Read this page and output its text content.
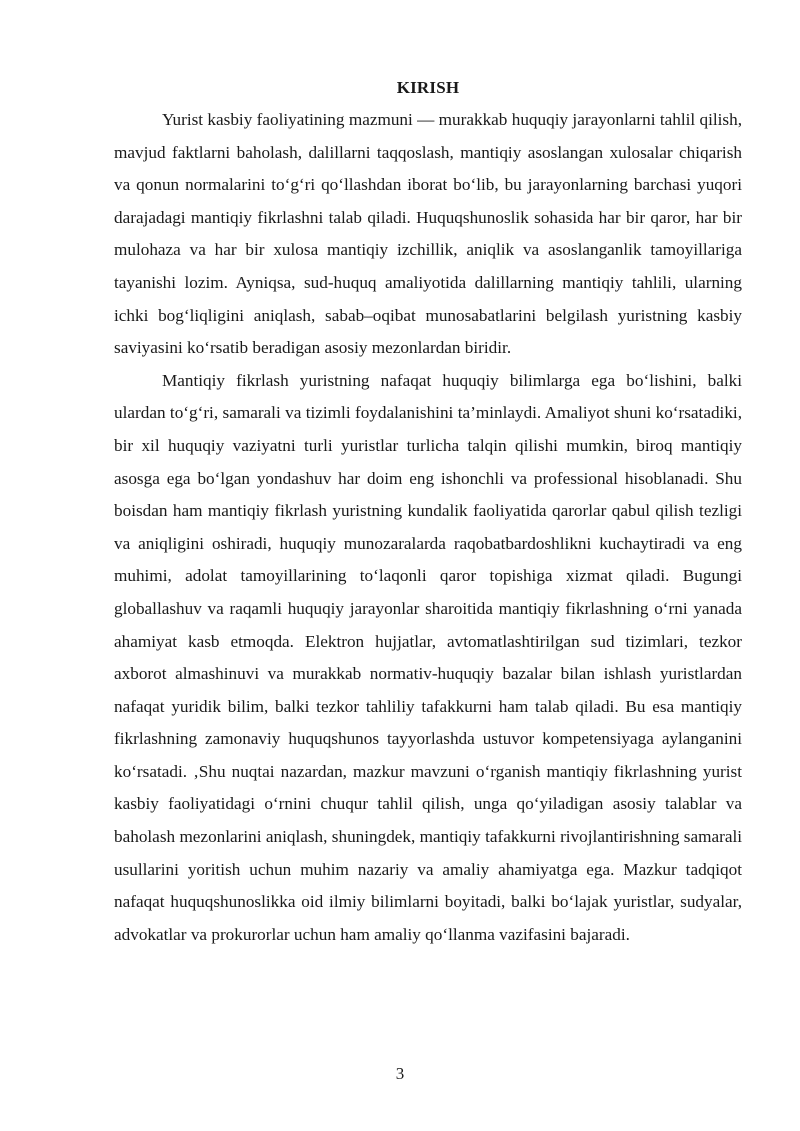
KIRISH

Yurist kasbiy faoliyatining mazmuni — murakkab huquqiy jarayonlarni tahlil qilish, mavjud faktlarni baholash, dalillarni taqqoslash, mantiqiy asoslangan xulosalar chiqarish va qonun normalarini to‘g‘ri qo‘llashdan iborat bo‘lib, bu jarayonlarning barchasi yuqori darajadagi mantiqiy fikrlashni talab qiladi. Huquqshunoslik sohasida har bir qaror, har bir mulohaza va har bir xulosa mantiqiy izchillik, aniqlik va asoslanganlik tamoyillariga tayanishi lozim. Ayniqsa, sud-huquq amaliyotida dalillarning mantiqiy tahlili, ularning ichki bog‘liqligini aniqlash, sabab–oqibat munosabatlarini belgilash yuristning kasbiy saviyasini ko‘rsatib beradigan asosiy mezonlardan biridir.

Mantiqiy fikrlash yuristning nafaqat huquqiy bilimlarga ega bo‘lishini, balki ulardan to‘g‘ri, samarali va tizimli foydalanishini ta’minlaydi. Amaliyot shuni ko‘rsatadiki, bir xil huquqiy vaziyatni turli yuristlar turlicha talqin qilishi mumkin, biroq mantiqiy asosga ega bo‘lgan yondashuv har doim eng ishonchli va professional hisoblanadi. Shu boisdan ham mantiqiy fikrlash yuristning kundalik faoliyatida qarorlar qabul qilish tezligi va aniqligini oshiradi, huquqiy munozaralarda raqobatbardoshlikni kuchaytiradi va eng muhimi, adolat tamoyillarining to‘laqonli qaror topishiga xizmat qiladi. Bugungi globallashuv va raqamli huquqiy jarayonlar sharoitida mantiqiy fikrlashning o‘rni yanada ahamiyat kasb etmoqda. Elektron hujjatlar, avtomatlashtirilgan sud tizimlari, tezkor axborot almashinuvi va murakkab normativ-huquqiy bazalar bilan ishlash yuristlardan nafaqat yuridik bilim, balki tezkor tahliliy tafakkurni ham talab qiladi. Bu esa mantiqiy fikrlashning zamonaviy huquqshunos tayyorlashda ustuvor kompetensiyaga aylanganini ko‘rsatadi. ‚Shu nuqtai nazardan, mazkur mavzuni o‘rganish mantiqiy fikrlashning yurist kasbiy faoliyatidagi o‘rnini chuqur tahlil qilish, unga qo‘yiladigan asosiy talablar va baholash mezonlarini aniqlash, shuningdek, mantiqiy tafakkurni rivojlantirishning samarali usullarini yoritish uchun muhim nazariy va amaliy ahamiyatga ega. Mazkur tadqiqot nafaqat huquqshunoslikka oid ilmiy bilimlarni boyitadi, balki bo‘lajak yuristlar, sudyalar, advokatlar va prokurorlar uchun ham amaliy qo‘llanma vazifasini bajaradi.

3
